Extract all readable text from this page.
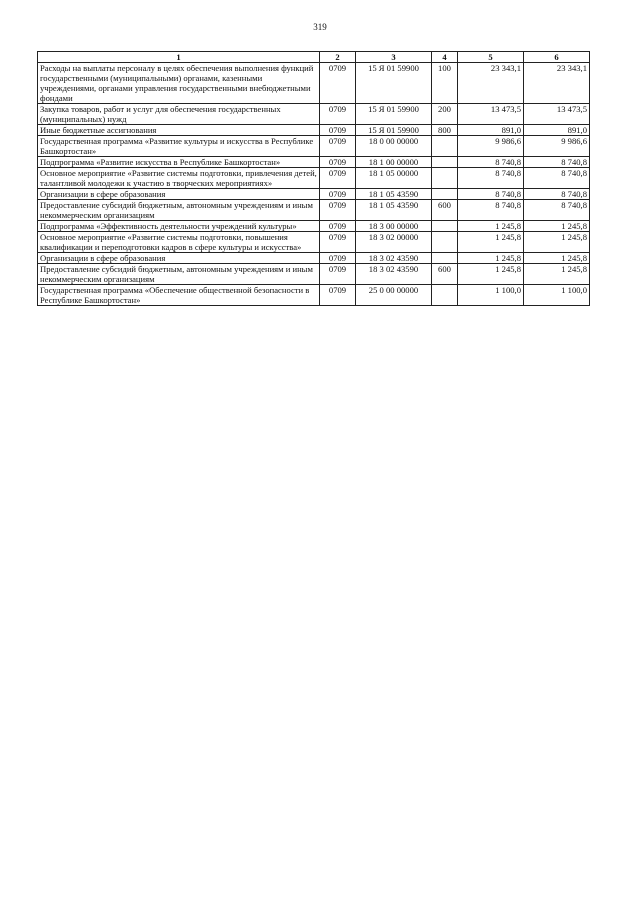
319
1	2	3	4	5	6
Расходы на выплаты персоналу в целях обеспечения выполнения функций государственными (муниципальными) органами, казенными учреждениями, органами управления государственными внебюджетными фондами	0709	15 Я 01 59900	100	23 343,1	23 343,1
Закупка товаров, работ и услуг для обеспечения государственных (муниципальных) нужд	0709	15 Я 01 59900	200	13 473,5	13 473,5
Иные бюджетные ассигнования	0709	15 Я 01 59900	800	891,0	891,0
Государственная программа «Развитие культуры и искусства в Республике Башкортостан»	0709	18 0 00 00000		9 986,6	9 986,6
Подпрограмма «Развитие искусства в Республике Башкортостан»	0709	18 1 00 00000		8 740,8	8 740,8
Основное мероприятие «Развитие системы подготовки, привлечения детей, талантливой молодежи к участию в творческих мероприятиях»	0709	18 1 05 00000		8 740,8	8 740,8
Организации в сфере образования	0709	18 1 05 43590		8 740,8	8 740,8
Предоставление субсидий бюджетным, автономным учреждениям и иным некоммерческим организациям	0709	18 1 05 43590	600	8 740,8	8 740,8
Подпрограмма «Эффективность деятельности учреждений культуры»	0709	18 3 00 00000		1 245,8	1 245,8
Основное мероприятие «Развитие системы подготовки, повышения квалификации и переподготовки кадров в сфере культуры и искусства»	0709	18 3 02 00000		1 245,8	1 245,8
Организации в сфере образования	0709	18 3 02 43590		1 245,8	1 245,8
Предоставление субсидий бюджетным, автономным учреждениям и иным некоммерческим организациям	0709	18 3 02 43590	600	1 245,8	1 245,8
Государственная программа «Обеспечение общественной безопасности в Республике Башкортостан»	0709	25 0 00 00000		1 100,0	1 100,0
